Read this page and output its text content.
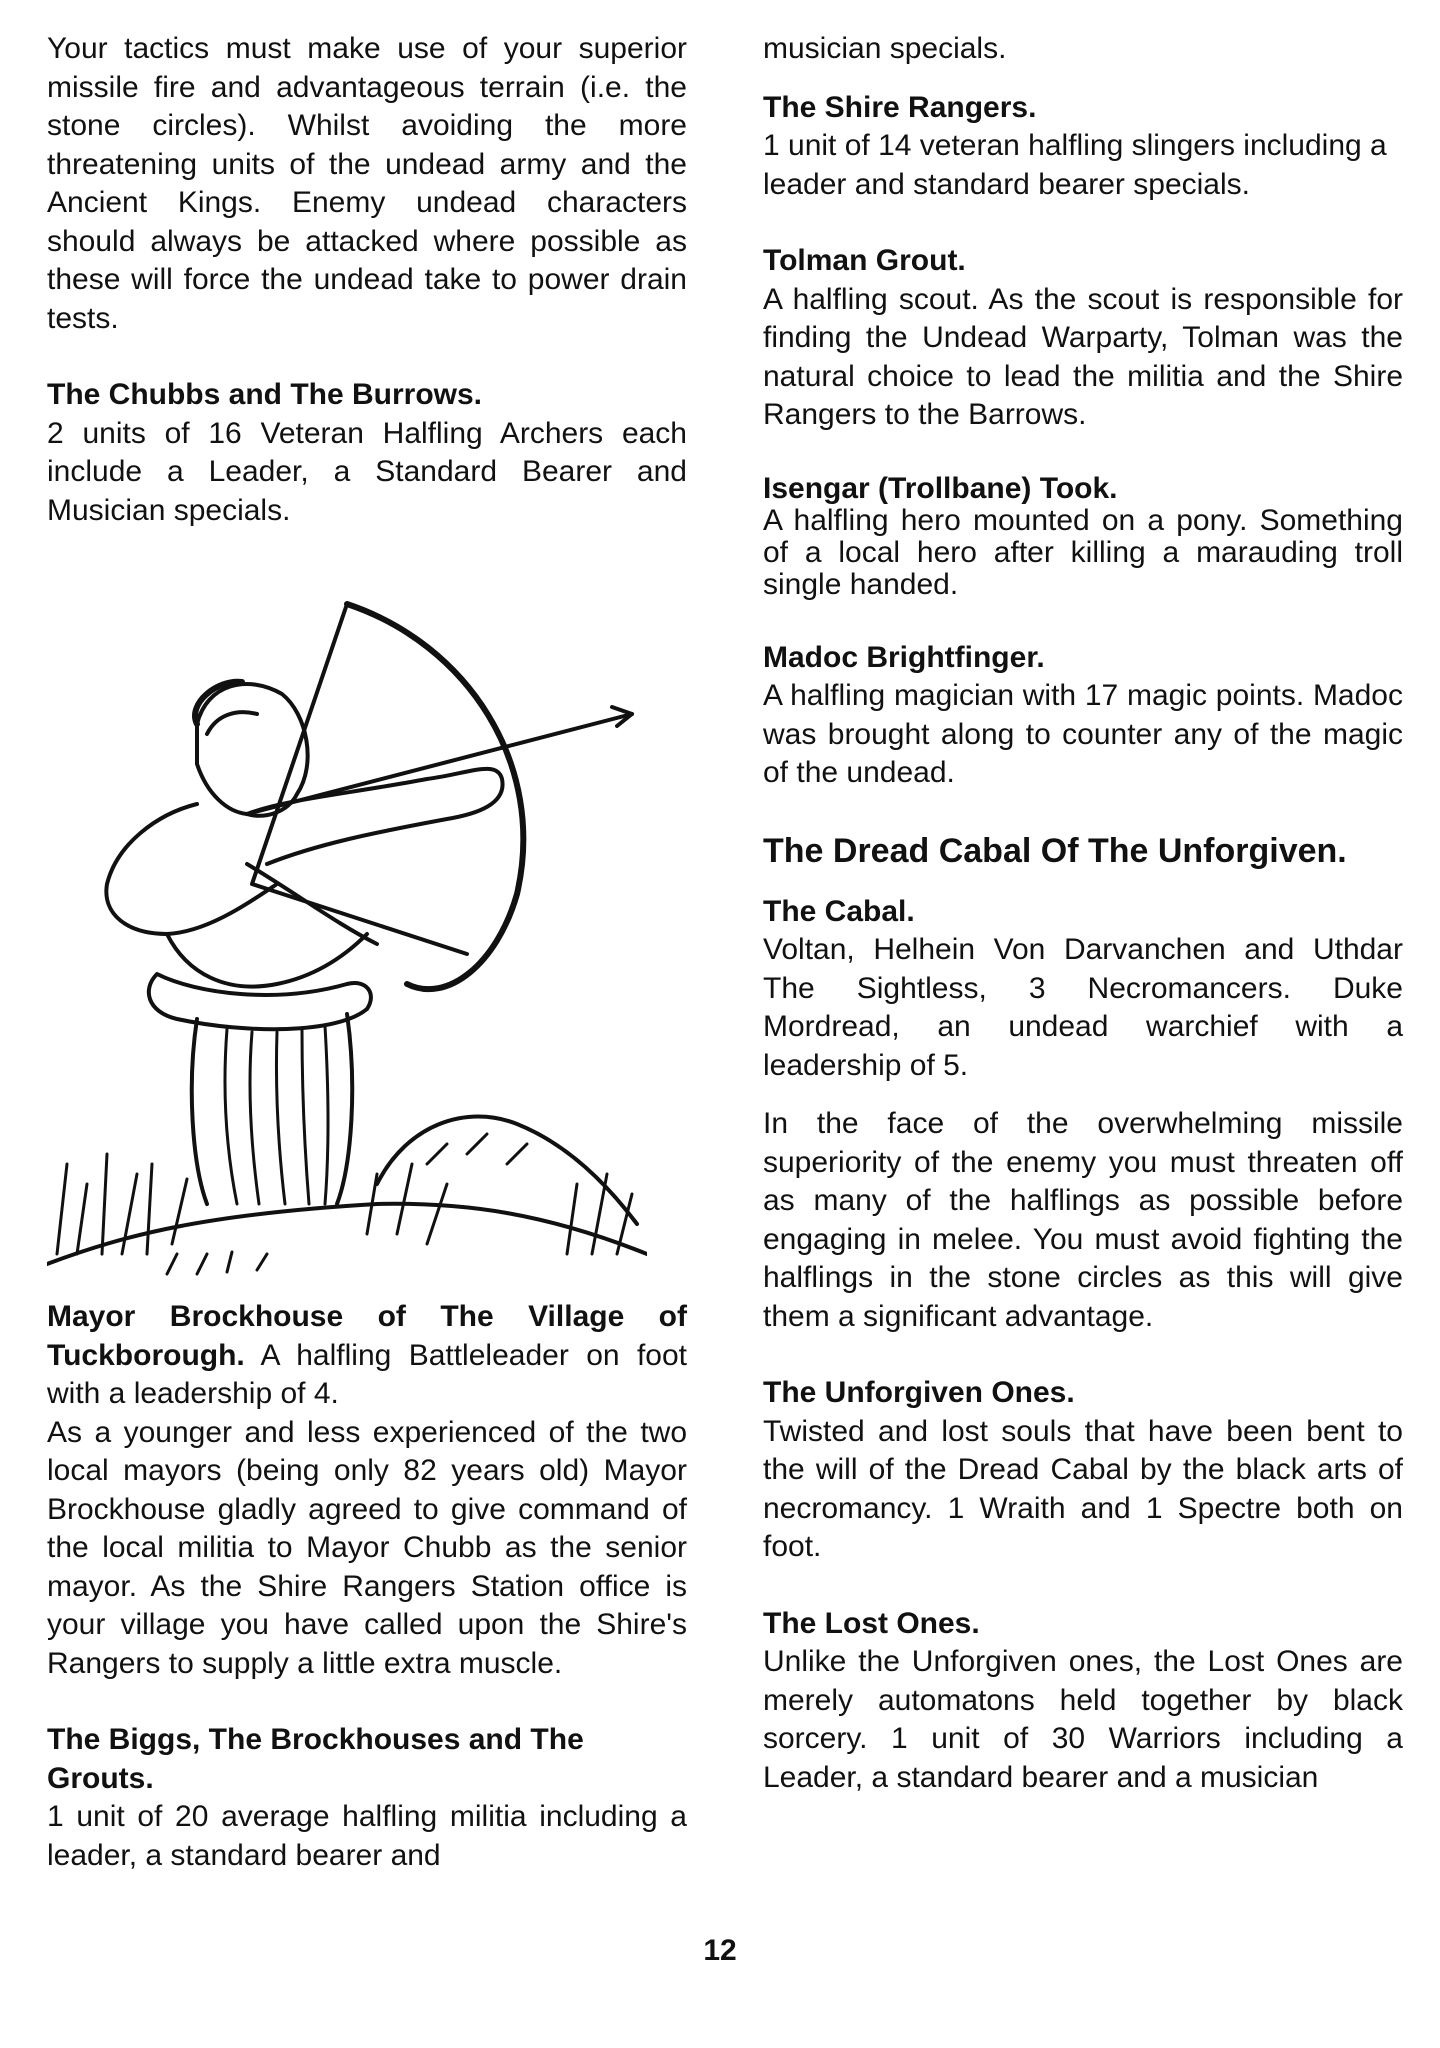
Your tactics must make use of your superior missile fire and advantageous terrain (i.e. the stone circles). Whilst avoiding the more threatening units of the undead army and the Ancient Kings. Enemy undead characters should always be attacked where possible as these will force the undead take to power drain tests.

The Chubbs and The Burrows.

2 units of 16 Veteran Halfling Archers each include a Leader, a Standard Bearer and Musician specials.

Mayor Brockhouse of The Village of Tuckborough. A halfling Battleleader on foot with a leadership of 4.

As a younger and less experienced of the two local mayors (being only 82 years old) Mayor Brockhouse gladly agreed to give command of the local militia to Mayor Chubb as the senior mayor. As the Shire Rangers Station office is your village you have called upon the Shire's Rangers to supply a little extra muscle.

The Biggs, The Brockhouses and The Grouts.

1 unit of 20 average halfling militia including a leader, a standard bearer and

musician specials.

The Shire Rangers.

1 unit of 14 veteran halfling slingers including a leader and standard bearer specials.

Tolman Grout.

A halfling scout. As the scout is responsible for finding the Undead Warparty, Tolman was the natural choice to lead the militia and the Shire Rangers to the Barrows.

Isengar (Trollbane) Took.

A halfling hero mounted on a pony. Something of a local hero after killing a marauding troll single handed.

Madoc Brightfinger.

A halfling magician with 17 magic points. Madoc was brought along to counter any of the magic of the undead.

The Dread Cabal Of The Unforgiven.

The Cabal.

Voltan, Helhein Von Darvanchen and Uthdar The Sightless, 3 Necromancers. Duke Mordread, an undead warchief with a leadership of 5.

In the face of the overwhelming missile superiority of the enemy you must threaten off as many of the halflings as possible before engaging in melee. You must avoid fighting the halflings in the stone circles as this will give them a significant advantage.

The Unforgiven Ones.

Twisted and lost souls that have been bent to the will of the Dread Cabal by the black arts of necromancy. 1 Wraith and 1 Spectre both on foot.

The Lost Ones.

Unlike the Unforgiven ones, the Lost Ones are merely automatons held together by black sorcery. 1 unit of 30 Warriors including a Leader, a standard bearer and a musician

12
